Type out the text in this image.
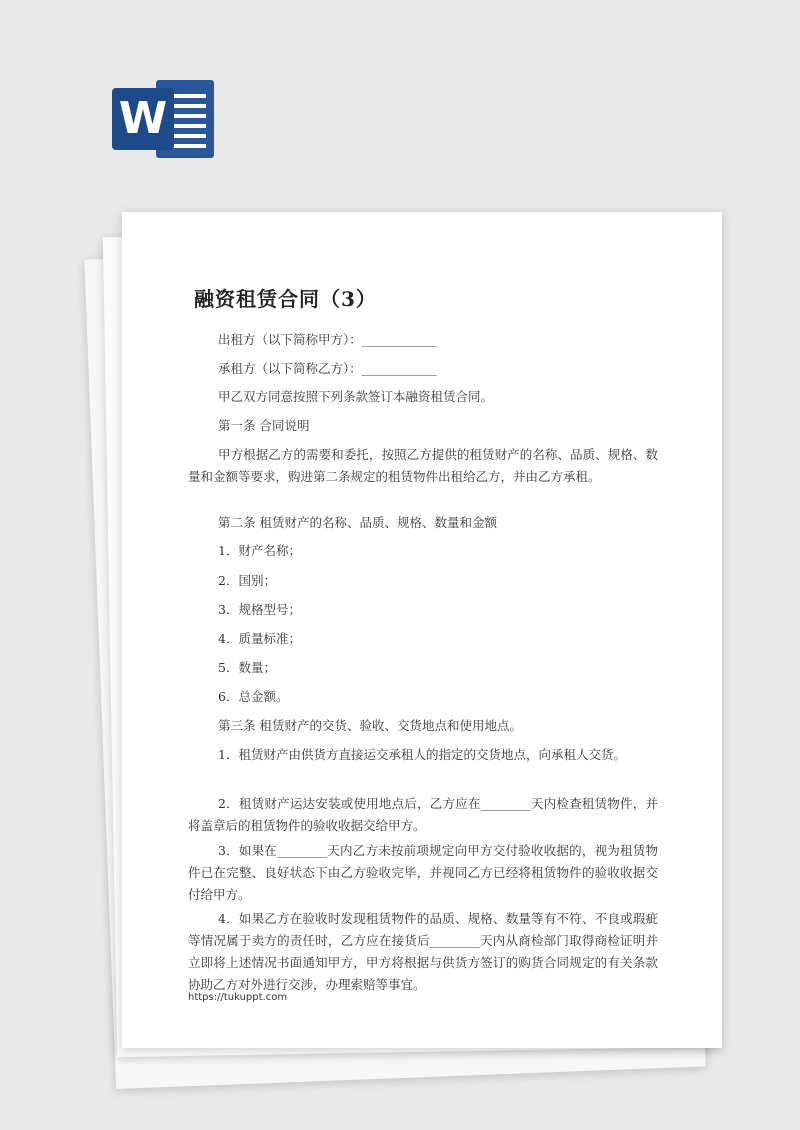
W
融资租赁合同（3）
出租方（以下简称甲方）：____________
承租方（以下简称乙方）：____________
甲乙双方同意按照下列条款签订本融资租赁合同。
第一条 合同说明
甲方根据乙方的需要和委托，按照乙方提供的租赁财产的名称、品质、规格、数量和金额等要求，购进第二条规定的租赁物件出租给乙方，并由乙方承租。
第二条 租赁财产的名称、品质、规格、数量和金额
1．财产名称；
2．国别；
3．规格型号；
4．质量标准；
5．数量；
6．总金额。
第三条 租赁财产的交货、验收、交货地点和使用地点。
1．租赁财产由供货方直接运交承租人的指定的交货地点，向承租人交货。
2．租赁财产运达安装或使用地点后，乙方应在________天内检查租赁物件，并将盖章后的租赁物件的验收收据交给甲方。
3．如果在________天内乙方未按前项规定向甲方交付验收收据的，视为租赁物件已在完整、良好状态下由乙方验收完毕，并视同乙方已经将租赁物件的验收收据交付给甲方。
4．如果乙方在验收时发现租赁物件的品质、规格、数量等有不符、不良或瑕疵等情况属于卖方的责任时，乙方应在接货后________天内从商检部门取得商检证明并立即将上述情况书面通知甲方，甲方将根据与供货方签订的购货合同规定的有关条款协助乙方对外进行交涉，办理索赔等事宜。
https://tukuppt.com
